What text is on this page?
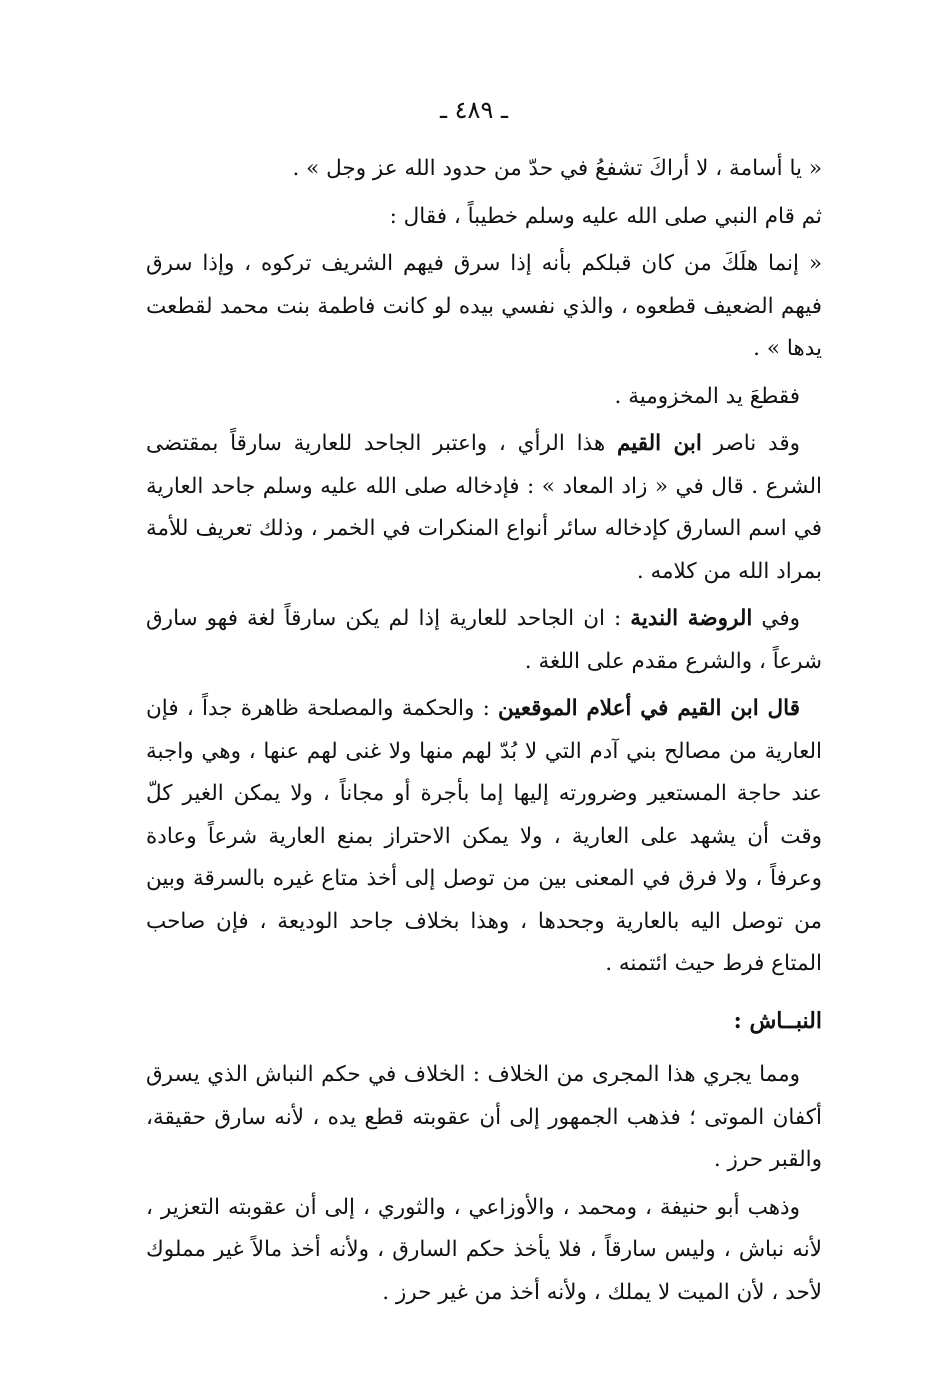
ـ ٤٨٩ ـ

« يا أسامة ، لا أراكَ تشفعُ في حدّ من حدود الله عز وجل » .

ثم قام النبي صلى الله عليه وسلم خطيباً ، فقال :

« إنما هلَكَ من كان قبلكم بأنه إذا سرق فيهم الشريف تركوه ، وإذا سرق فيهم الضعيف قطعوه ، والذي نفسي بيده لو كانت فاطمة بنت محمد لقطعت يدها » .

فقطعَ يد المخزومية .

وقد ناصر ابن القيم هذا الرأي ، واعتبر الجاحد للعارية سارقاً بمقتضى الشرع . قال في « زاد المعاد » : فإدخاله صلى الله عليه وسلم جاحد العارية في اسم السارق كإدخاله سائر أنواع المنكرات في الخمر ، وذلك تعريف للأمة بمراد الله من كلامه .

وفي الروضة الندية : ان الجاحد للعارية إذا لم يكن سارقاً لغة فهو سارق شرعاً ، والشرع مقدم على اللغة .

قال ابن القيم في أعلام الموقعين : والحكمة والمصلحة ظاهرة جداً ، فإن العارية من مصالح بني آدم التي لا بُدّ لهم منها ولا غنى لهم عنها ، وهي واجبة عند حاجة المستعير وضرورته إليها إما بأجرة أو مجاناً ، ولا يمكن الغير كلّ وقت أن يشهد على العارية ، ولا يمكن الاحتراز بمنع العارية شرعاً وعادة وعرفاً ، ولا فرق في المعنى بين من توصل إلى أخذ متاع غيره بالسرقة وبين من توصل اليه بالعارية وجحدها ، وهذا بخلاف جاحد الوديعة ، فإن صاحب المتاع فرط حيث ائتمنه .

النبــاش :

ومما يجري هذا المجرى من الخلاف : الخلاف في حكم النباش الذي يسرق أكفان الموتى ؛ فذهب الجمهور إلى أن عقوبته قطع يده ، لأنه سارق حقيقة، والقبر حرز .

وذهب أبو حنيفة ، ومحمد ، والأوزاعي ، والثوري ، إلى أن عقوبته التعزير ، لأنه نباش ، وليس سارقاً ، فلا يأخذ حكم السارق ، ولأنه أخذ مالاً غير مملوك لأحد ، لأن الميت لا يملك ، ولأنه أخذ من غير حرز .
